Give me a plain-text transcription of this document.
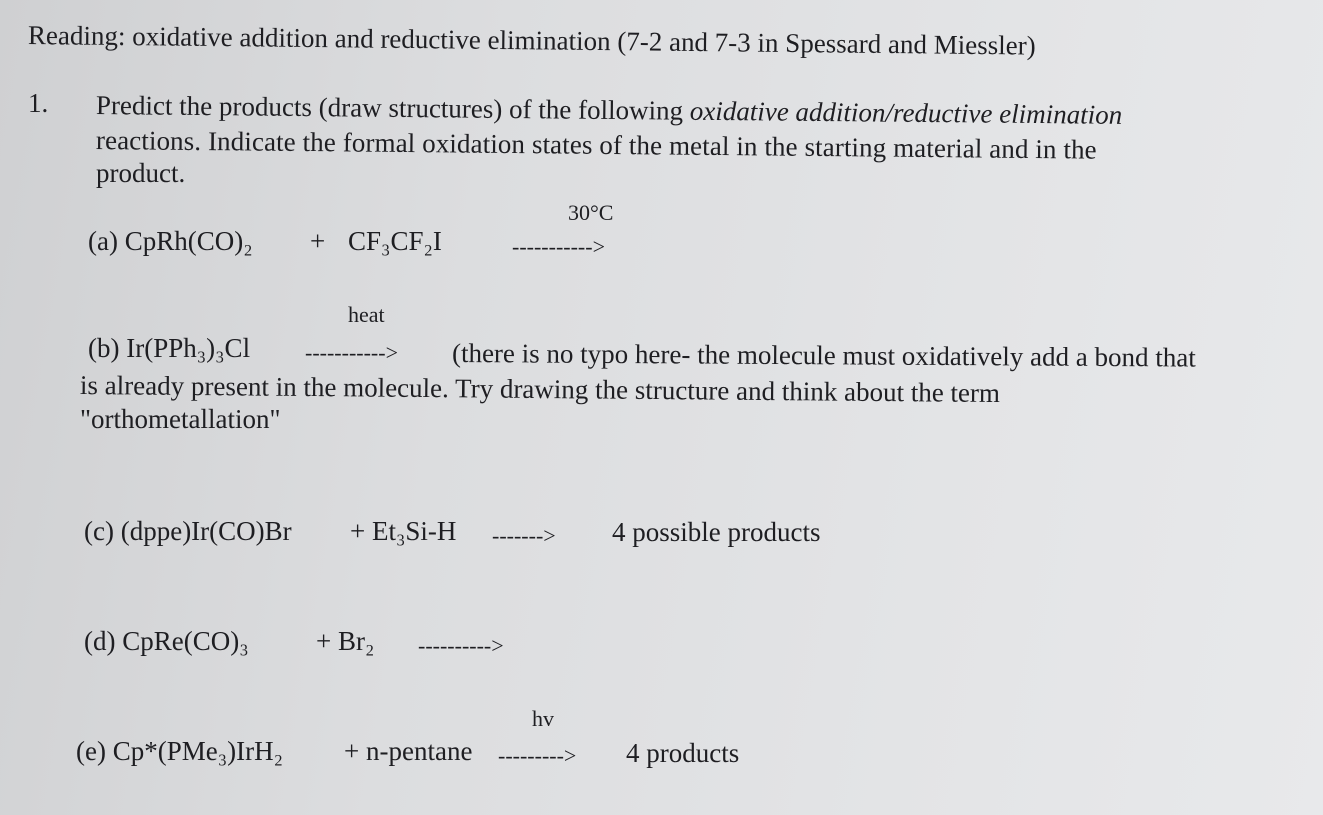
Reading: oxidative addition and reductive elimination (7-2 and 7-3 in Spessard and Miessler)
1. Predict the products (draw structures) of the following oxidative addition/reductive elimination
reactions. Indicate the formal oxidation states of the metal in the starting material and in the
product.
30°C
(a) CpRh(CO)₂ + CF₃CF₂I	----------->
heat
(b) Ir(PPh₃)₃Cl -----------> (there is no typo here- the molecule must oxidatively add a bond that
is already present in the molecule. Try drawing the structure and think about the term
"orthometallation"
(c) (dppe)Ir(CO)Br + Et₃Si-H -------> 4 possible products
(d) CpRe(CO)₃ + Br₂ ---------->
hv
(e) Cp*(PMe₃)IrH₂ + n-pentane ---------> 4 products
